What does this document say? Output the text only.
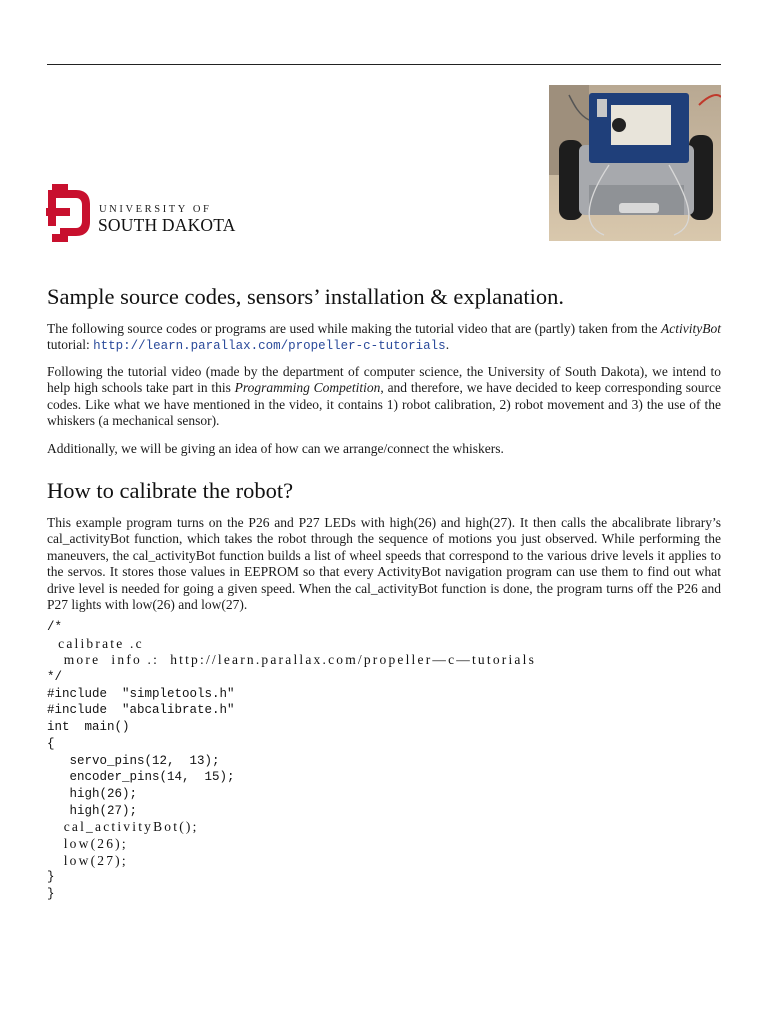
UNIVERSITY OF
SOUTH DAKOTA
Sample source codes, sensors’ installation & explanation.

The following source codes or programs are used while making the tutorial video that are (partly) taken from the ActivityBot tutorial: http://learn.parallax.com/propeller-c-tutorials.

Following the tutorial video (made by the department of computer science, the University of South Dakota), we intend to help high schools take part in this Programming Competition, and therefore, we have decided to keep corresponding source codes. Like what we have mentioned in the video, it contains 1) robot calibration, 2) robot movement and 3) the use of the whiskers (a mechanical sensor).

Additionally, we will be giving an idea of how can we arrange/connect the whiskers.

How to calibrate the robot?

This example program turns on the P26 and P27 LEDs with high(26) and high(27). It then calls the abcalibrate library’s cal_activityBot function, which takes the robot through the sequence of motions you just observed. While performing the maneuvers, the cal_activityBot function builds a list of wheel speeds that correspond to the various drive levels it applies to the servos. It stores those values in EEPROM so that every ActivityBot navigation program can use them to find out what drive level is needed for going a given speed. When the cal_activityBot function is done, the program turns off the P26 and P27 lights with low(26) and low(27).

/*
calibrate .c
more  info .:  http://learn.parallax.com/propeller—c—tutorials
*/
#include  "simpletools.h"
#include  "abcalibrate.h"
int  main()
{
servo_pins(12,  13);
encoder_pins(14,  15);
high(26);
high(27);
cal_activityBot();
low(26);
low(27);
}
}
